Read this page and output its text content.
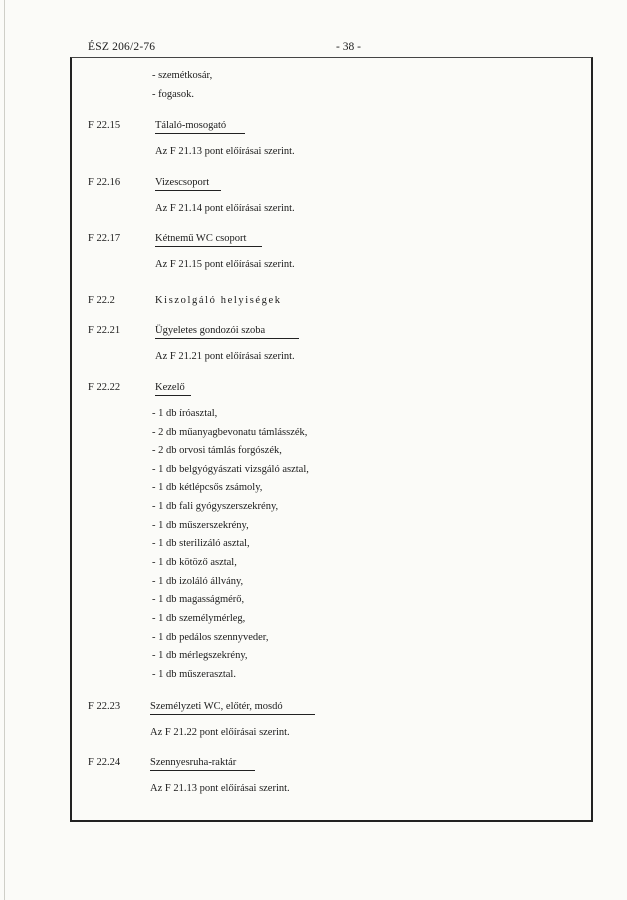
ÉSZ 206/2-76	- 38 -
- szemétkosár,
- fogasok.
F 22.15	Tálaló-mosogató
Az F 21.13 pont előírásai szerint.
F 22.16	Vizescsoport
Az F 21.14 pont előírásai szerint.
F 22.17	Kétnemű WC csoport
Az F 21.15 pont előírásai szerint.
F 22.2	Kiszolgáló helyiségek
F 22.21	Ügyeletes gondozói szoba
Az F 21.21 pont előírásai szerint.
F 22.22	Kezelő
- 1 db íróasztal,
- 2 db műanyagbevonatu támlásszék,
- 2 db orvosi támlás forgószék,
- 1 db belgyógyászati vizsgáló asztal,
- 1 db kétlépcsős zsámoly,
- 1 db fali gyógyszerszekrény,
- 1 db műszerszekrény,
- 1 db sterilizáló asztal,
- 1 db kötöző asztal,
- 1 db izoláló állvány,
- 1 db magasságmérő,
- 1 db személymérleg,
- 1 db pedálos szennyveder,
- 1 db mérlegszekrény,
- 1 db műszerasztal.
F 22.23	Személyzeti WC, előtér, mosdó
Az F 21.22 pont előírásai szerint.
F 22.24	Szennyesruha-raktár
Az F 21.13 pont előírásai szerint.
